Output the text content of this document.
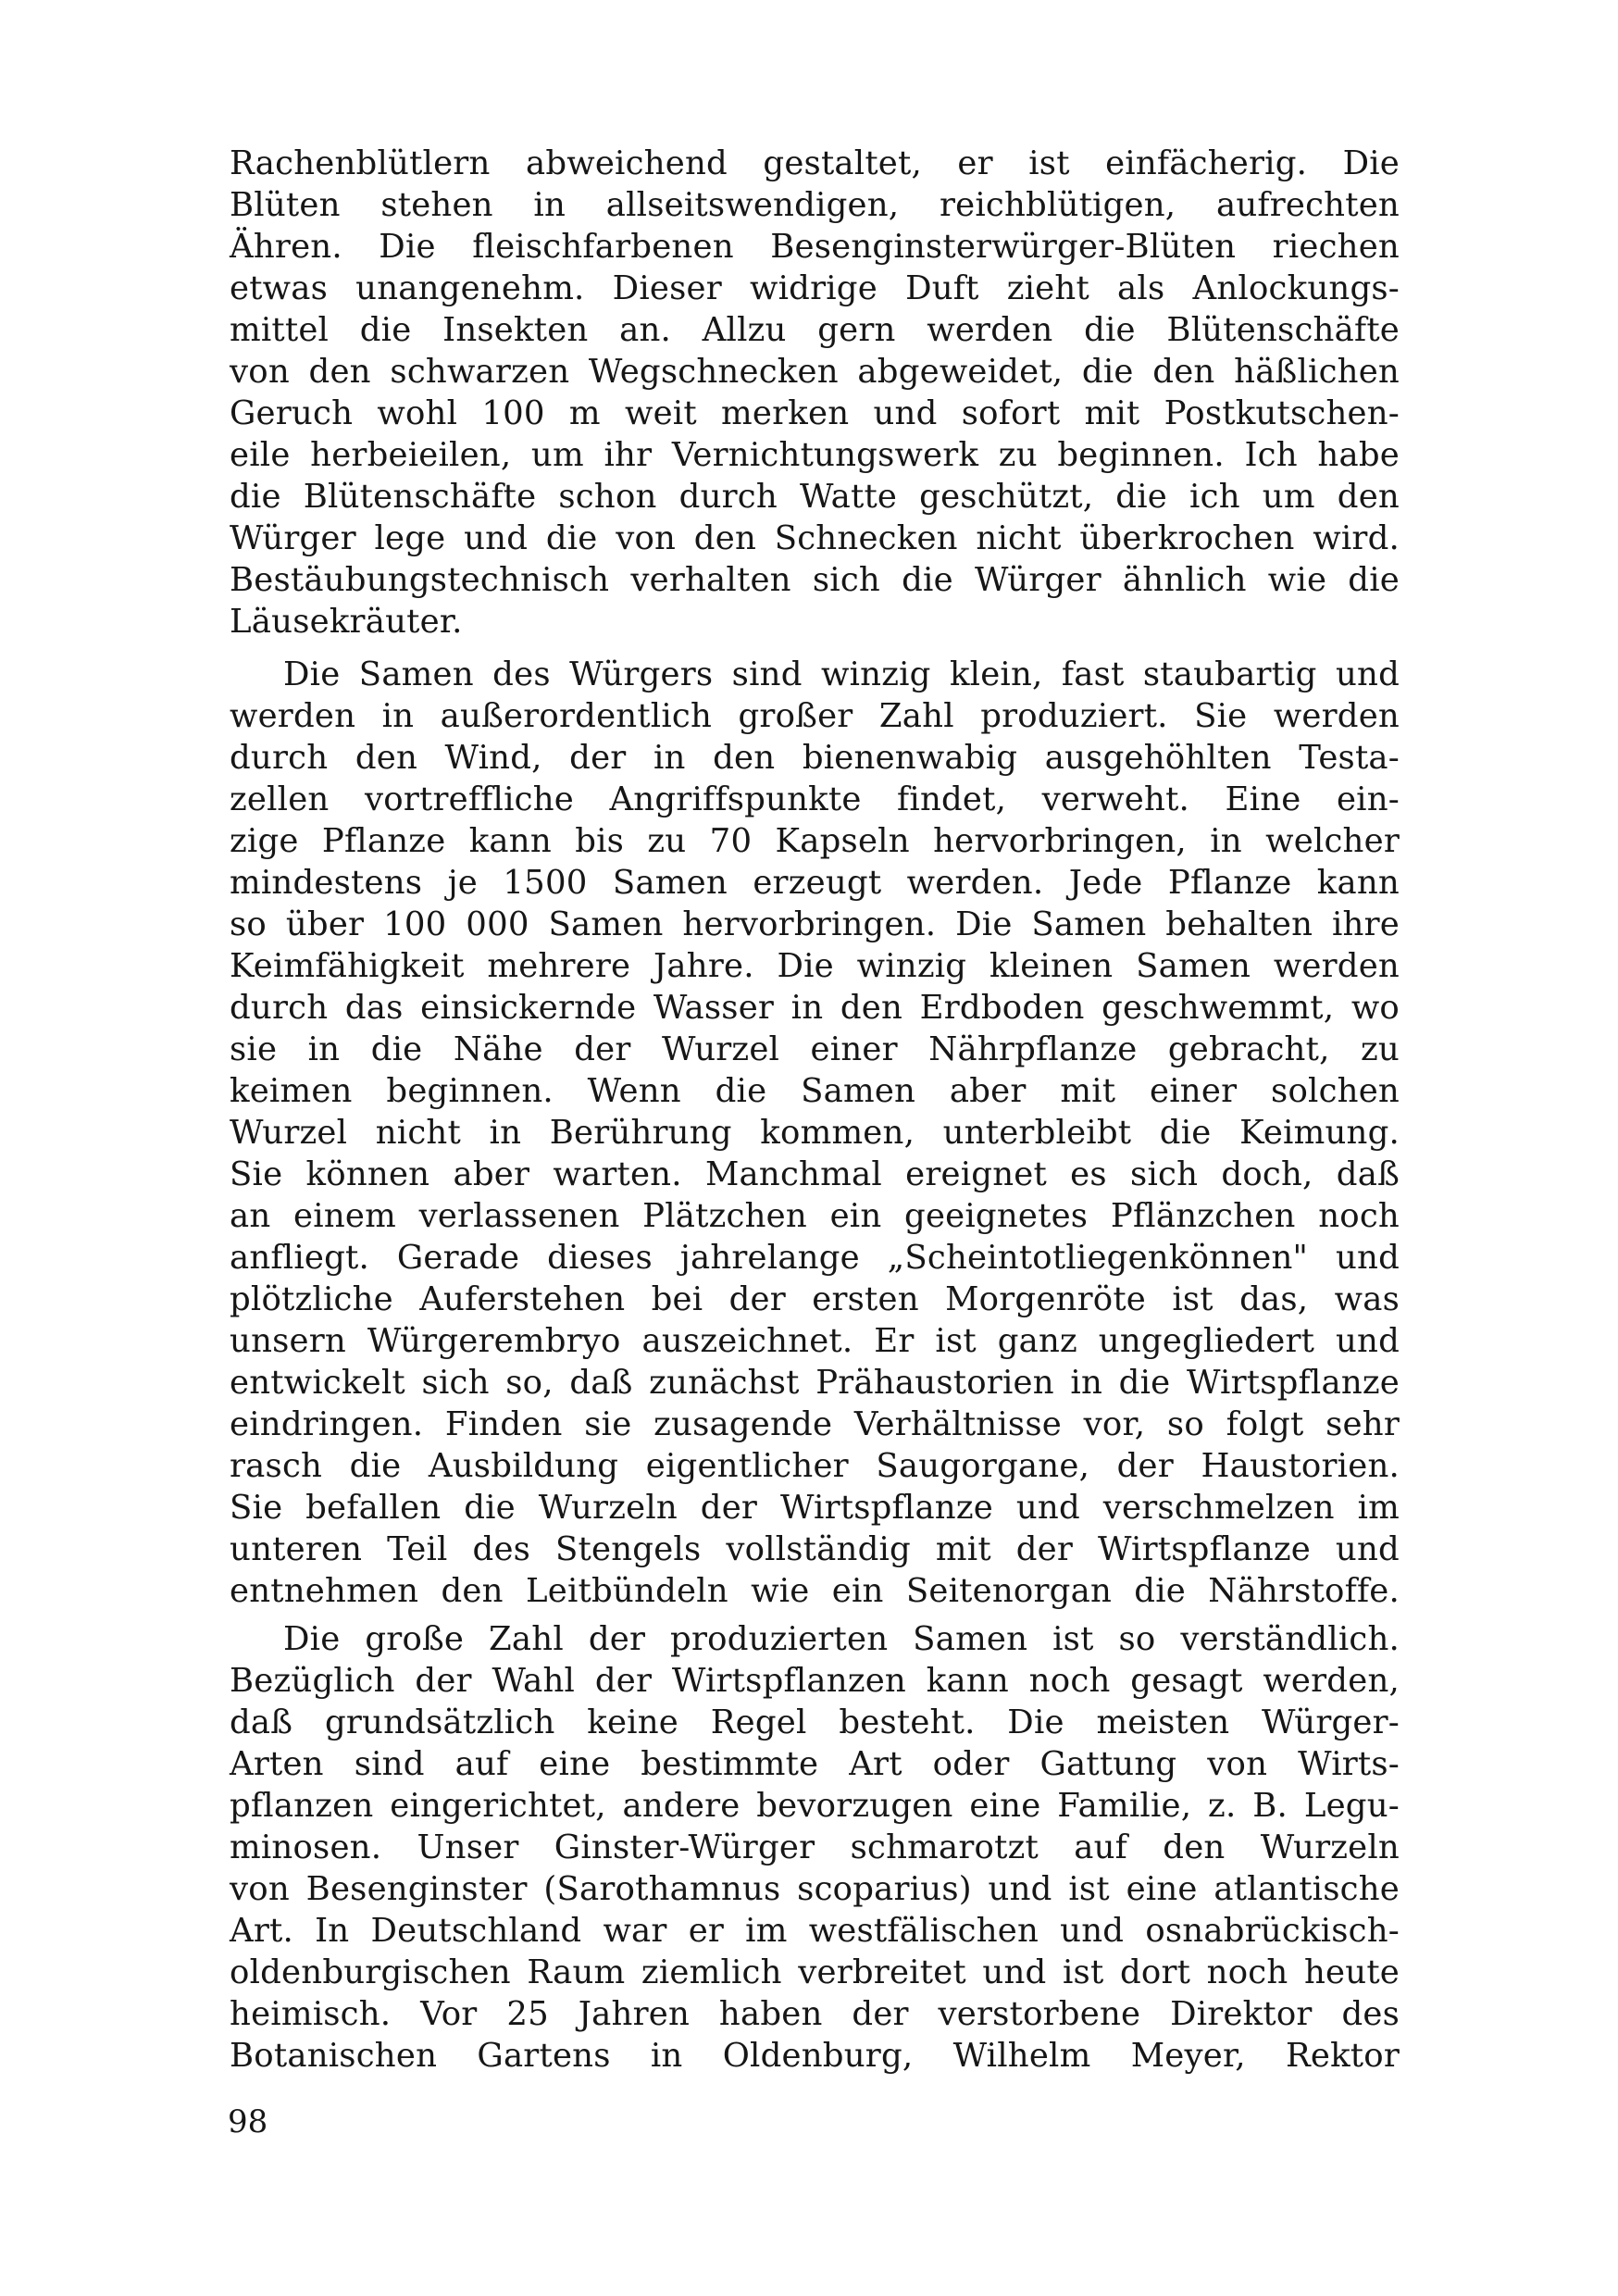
Rachenblütlern abweichend gestaltet, er ist einfächerig. Die
Blüten stehen in allseitswendigen, reichblütigen, aufrechten
Ähren. Die fleischfarbenen Besenginsterwürger-Blüten riechen
etwas unangenehm. Dieser widrige Duft zieht als Anlockungs-
mittel die Insekten an. Allzu gern werden die Blütenschäfte
von den schwarzen Wegschnecken abgeweidet, die den häßlichen
Geruch wohl 100 m weit merken und sofort mit Postkutschen-
eile herbeieilen, um ihr Vernichtungswerk zu beginnen. Ich habe
die Blütenschäfte schon durch Watte geschützt, die ich um den
Würger lege und die von den Schnecken nicht überkrochen wird.
Bestäubungstechnisch verhalten sich die Würger ähnlich wie die
Läusekräuter.
Die Samen des Würgers sind winzig klein, fast staubartig und
werden in außerordentlich großer Zahl produziert. Sie werden
durch den Wind, der in den bienenwabig ausgehöhlten Testa-
zellen vortreffliche Angriffspunkte findet, verweht. Eine ein-
zige Pflanze kann bis zu 70 Kapseln hervorbringen, in welcher
mindestens je 1500 Samen erzeugt werden. Jede Pflanze kann
so über 100 000 Samen hervorbringen. Die Samen behalten ihre
Keimfähigkeit mehrere Jahre. Die winzig kleinen Samen werden
durch das einsickernde Wasser in den Erdboden geschwemmt, wo
sie in die Nähe der Wurzel einer Nährpflanze gebracht, zu
keimen beginnen. Wenn die Samen aber mit einer solchen
Wurzel nicht in Berührung kommen, unterbleibt die Keimung.
Sie können aber warten. Manchmal ereignet es sich doch, daß
an einem verlassenen Plätzchen ein geeignetes Pflänzchen noch
anfliegt. Gerade dieses jahrelange „Scheintotliegenkönnen" und
plötzliche Auferstehen bei der ersten Morgenröte ist das, was
unsern Würgerembryo auszeichnet. Er ist ganz ungegliedert und
entwickelt sich so, daß zunächst Prähaustorien in die Wirtspflanze
eindringen. Finden sie zusagende Verhältnisse vor, so folgt sehr
rasch die Ausbildung eigentlicher Saugorgane, der Haustorien.
Sie befallen die Wurzeln der Wirtspflanze und verschmelzen im
unteren Teil des Stengels vollständig mit der Wirtspflanze und
entnehmen den Leitbündeln wie ein Seitenorgan die Nährstoffe.
Die große Zahl der produzierten Samen ist so verständlich.
Bezüglich der Wahl der Wirtspflanzen kann noch gesagt werden,
daß grundsätzlich keine Regel besteht. Die meisten Würger-
Arten sind auf eine bestimmte Art oder Gattung von Wirts-
pflanzen eingerichtet, andere bevorzugen eine Familie, z. B. Legu-
minosen. Unser Ginster-Würger schmarotzt auf den Wurzeln
von Besenginster (Sarothamnus scoparius) und ist eine atlantische
Art. In Deutschland war er im westfälischen und osnabrückisch-
oldenburgischen Raum ziemlich verbreitet und ist dort noch heute
heimisch. Vor 25 Jahren haben der verstorbene Direktor des
Botanischen Gartens in Oldenburg, Wilhelm Meyer, Rektor
98
